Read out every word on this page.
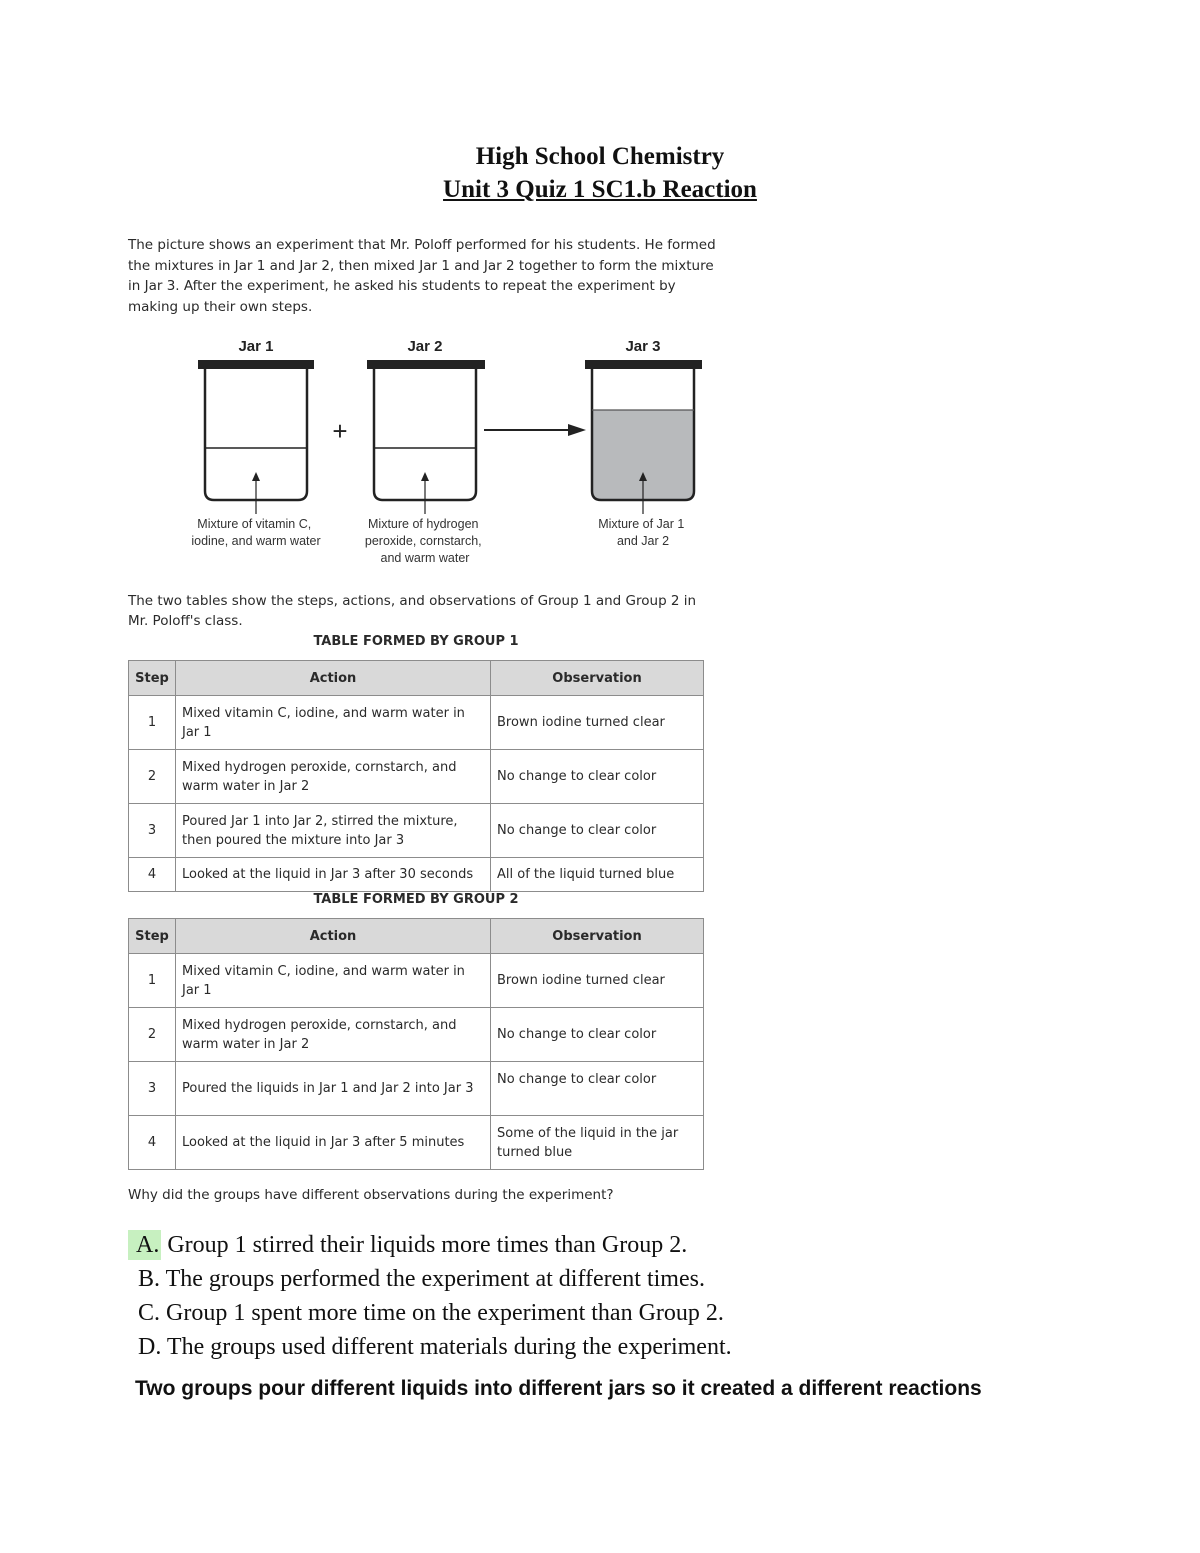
High School Chemistry
Unit 3 Quiz 1 SC1.b Reaction
The picture shows an experiment that Mr. Poloff performed for his students. He formed the mixtures in Jar 1 and Jar 2, then mixed Jar 1 and Jar 2 together to form the mixture in Jar 3. After the experiment, he asked his students to repeat the experiment by making up their own steps.
Jar 1	Jar 2	Jar 3
+
Mixture of vitamin C, iodine, and warm water
Mixture of hydrogen peroxide, cornstarch, and warm water
Mixture of Jar 1 and Jar 2
The two tables show the steps, actions, and observations of Group 1 and Group 2 in Mr. Poloff's class.
TABLE FORMED BY GROUP 1
Step	Action	Observation
1	Mixed vitamin C, iodine, and warm water in Jar 1	Brown iodine turned clear
2	Mixed hydrogen peroxide, cornstarch, and warm water in Jar 2	No change to clear color
3	Poured Jar 1 into Jar 2, stirred the mixture, then poured the mixture into Jar 3	No change to clear color
4	Looked at the liquid in Jar 3 after 30 seconds	All of the liquid turned blue
TABLE FORMED BY GROUP 2
Step	Action	Observation
1	Mixed vitamin C, iodine, and warm water in Jar 1	Brown iodine turned clear
2	Mixed hydrogen peroxide, cornstarch, and warm water in Jar 2	No change to clear color
3	Poured the liquids in Jar 1 and Jar 2 into Jar 3	No change to clear color
4	Looked at the liquid in Jar 3 after 5 minutes	Some of the liquid in the jar turned blue
Why did the groups have different observations during the experiment?
A. Group 1 stirred their liquids more times than Group 2.
B. The groups performed the experiment at different times.
C. Group 1 spent more time on the experiment than Group 2.
D. The groups used different materials during the experiment.
Two groups pour different liquids into different jars so it created a different reactions
